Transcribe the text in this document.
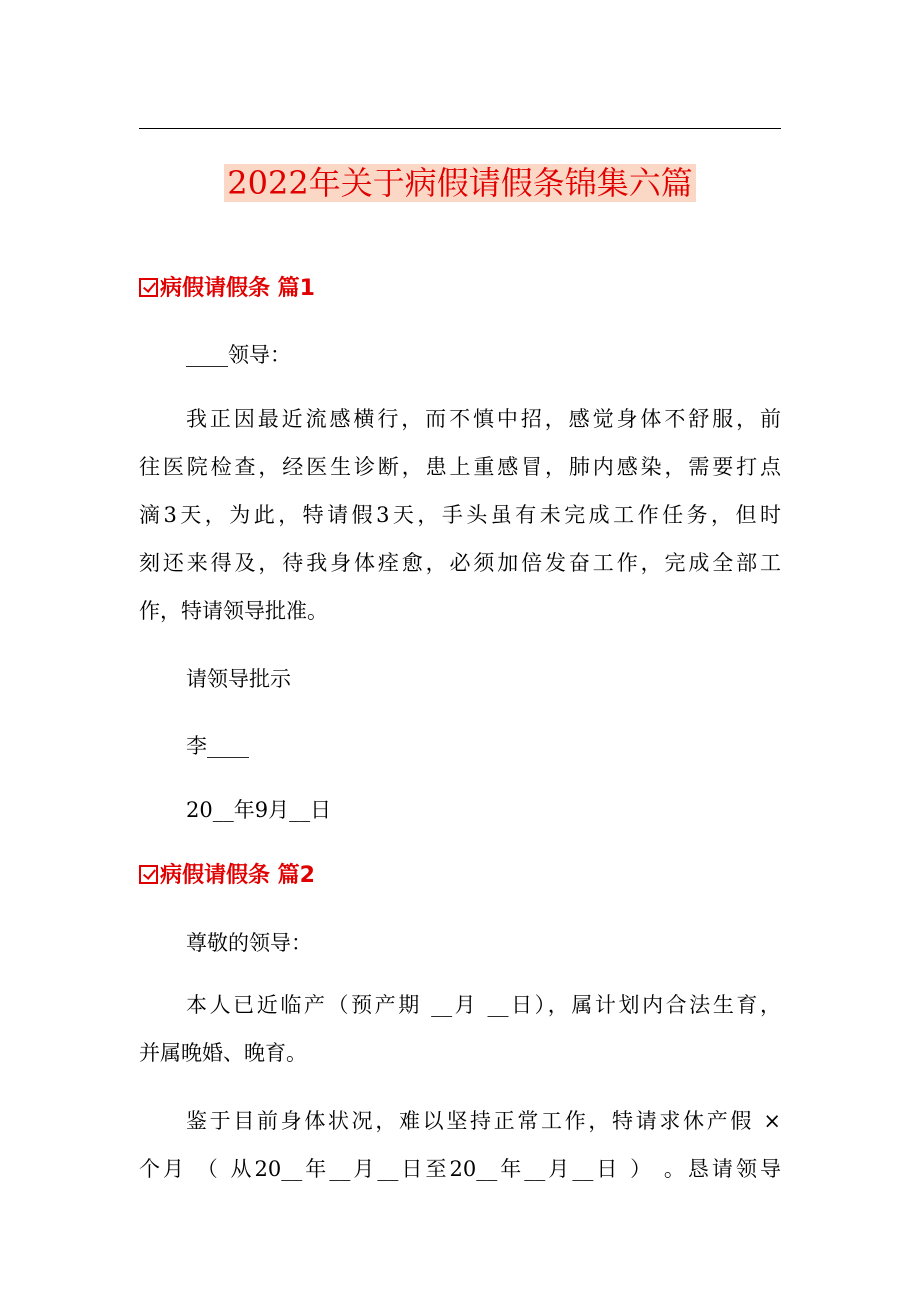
2022年关于病假请假条锦集六篇
病假请假条 篇1
____领导：
我正因最近流感横行，而不慎中招，感觉身体不舒服，前
往医院检查，经医生诊断，患上重感冒，肺内感染，需要打点
滴3天，为此，特请假3天，手头虽有未完成工作任务，但时
刻还来得及，待我身体痊愈，必须加倍发奋工作，完成全部工
作，特请领导批准。
请领导批示
李____
20__年9月__日
病假请假条 篇2
尊敬的领导：
本人已近临产（预产期 __月 __日），属计划内合法生育，
并属晚婚、晚育。
鉴于目前身体状况，难以坚持正常工作，特请求休产假 ×
个月 （ 从20__年__月__日至20__年__月__日 ） 。恳请领导
